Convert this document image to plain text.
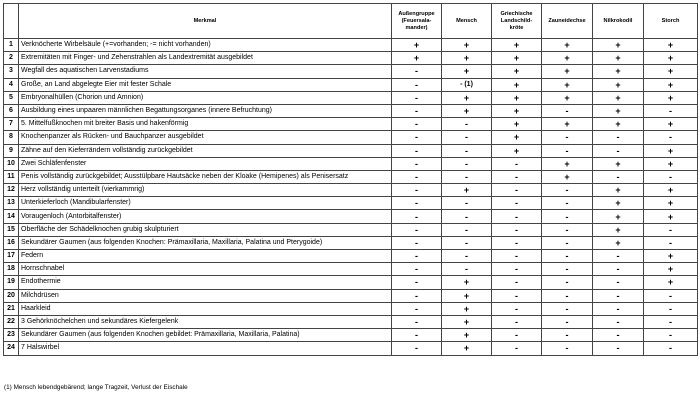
	Merkmal	Außengruppe
(Feuersala-
mander)	Mensch	Griechische
Landschild-
kröte	Zauneidechse	Nilkrokodil	Storch
1	Verknöcherte Wirbelsäule (+=vorhanden; -= nicht vorhanden)	+	+	+	+	+	+
2	Extremitäten mit Finger- und Zehenstrahlen als Landextremität ausgebildet	+	+	+	+	+	+
3	Wegfall des aquatischen Larvenstadiums	-	+	+	+	+	+
4	Große, an Land abgelegte Eier mit fester Schale	-	- (1)	+	+	+	+
5	Embryonalhüllen (Chorion und Amnion)	-	+	+	+	+	+
6	Ausbildung eines unpaaren männlichen Begattungsorganes (innere Befruchtung)	-	+	+	-	+	-
7	5. Mittelfußknochen mit breiter Basis und hakenförmig	-	-	+	+	+	+
8	Knochenpanzer als Rücken- und Bauchpanzer ausgebildet	-	-	+	-	-	-
9	Zähne auf den Kieferrändern vollständig zurückgebildet	-	-	+	-	-	+
10	Zwei Schläfenfenster	-	-	-	+	+	+
11	Penis vollständig zurückgebildet; Ausstülpbare Hautsäcke neben der Kloake (Hemipenes) als Penisersatz	-	-	-	+	-	-
12	Herz vollständig unterteilt (vierkammrig)	-	+	-	-	+	+
13	Unterkieferloch (Mandibularfenster)	-	-	-	-	+	+
14	Voraugenloch (Antorbitalfenster)	-	-	-	-	+	+
15	Oberfläche der Schädelknochen grubig skulpturiert	-	-	-	-	+	-
16	Sekundärer Gaumen (aus folgenden Knochen: Prämaxillaria, Maxillaria, Palatina und Pterygoide)	-	-	-	-	+	-
17	Federn	-	-	-	-	-	+
18	Hornschnabel	-	-	-	-	-	+
19	Endothermie	-	+	-	-	-	+
20	Milchdrüsen	-	+	-	-	-	-
21	Haarkleid	-	+	-	-	-	-
22	3 Gehörknöchelchen und sekundäres Kiefergelenk	-	+	-	-	-	-
23	Sekundärer Gaumen (aus folgenden Knochen gebildet: Prämaxillaria, Maxillaria, Palatina)	-	+	-	-	-	-
24	7 Halswirbel	-	+	-	-	-	-
(1) Mensch lebendgebärend; lange Tragzeit, Verlust der Eischale
